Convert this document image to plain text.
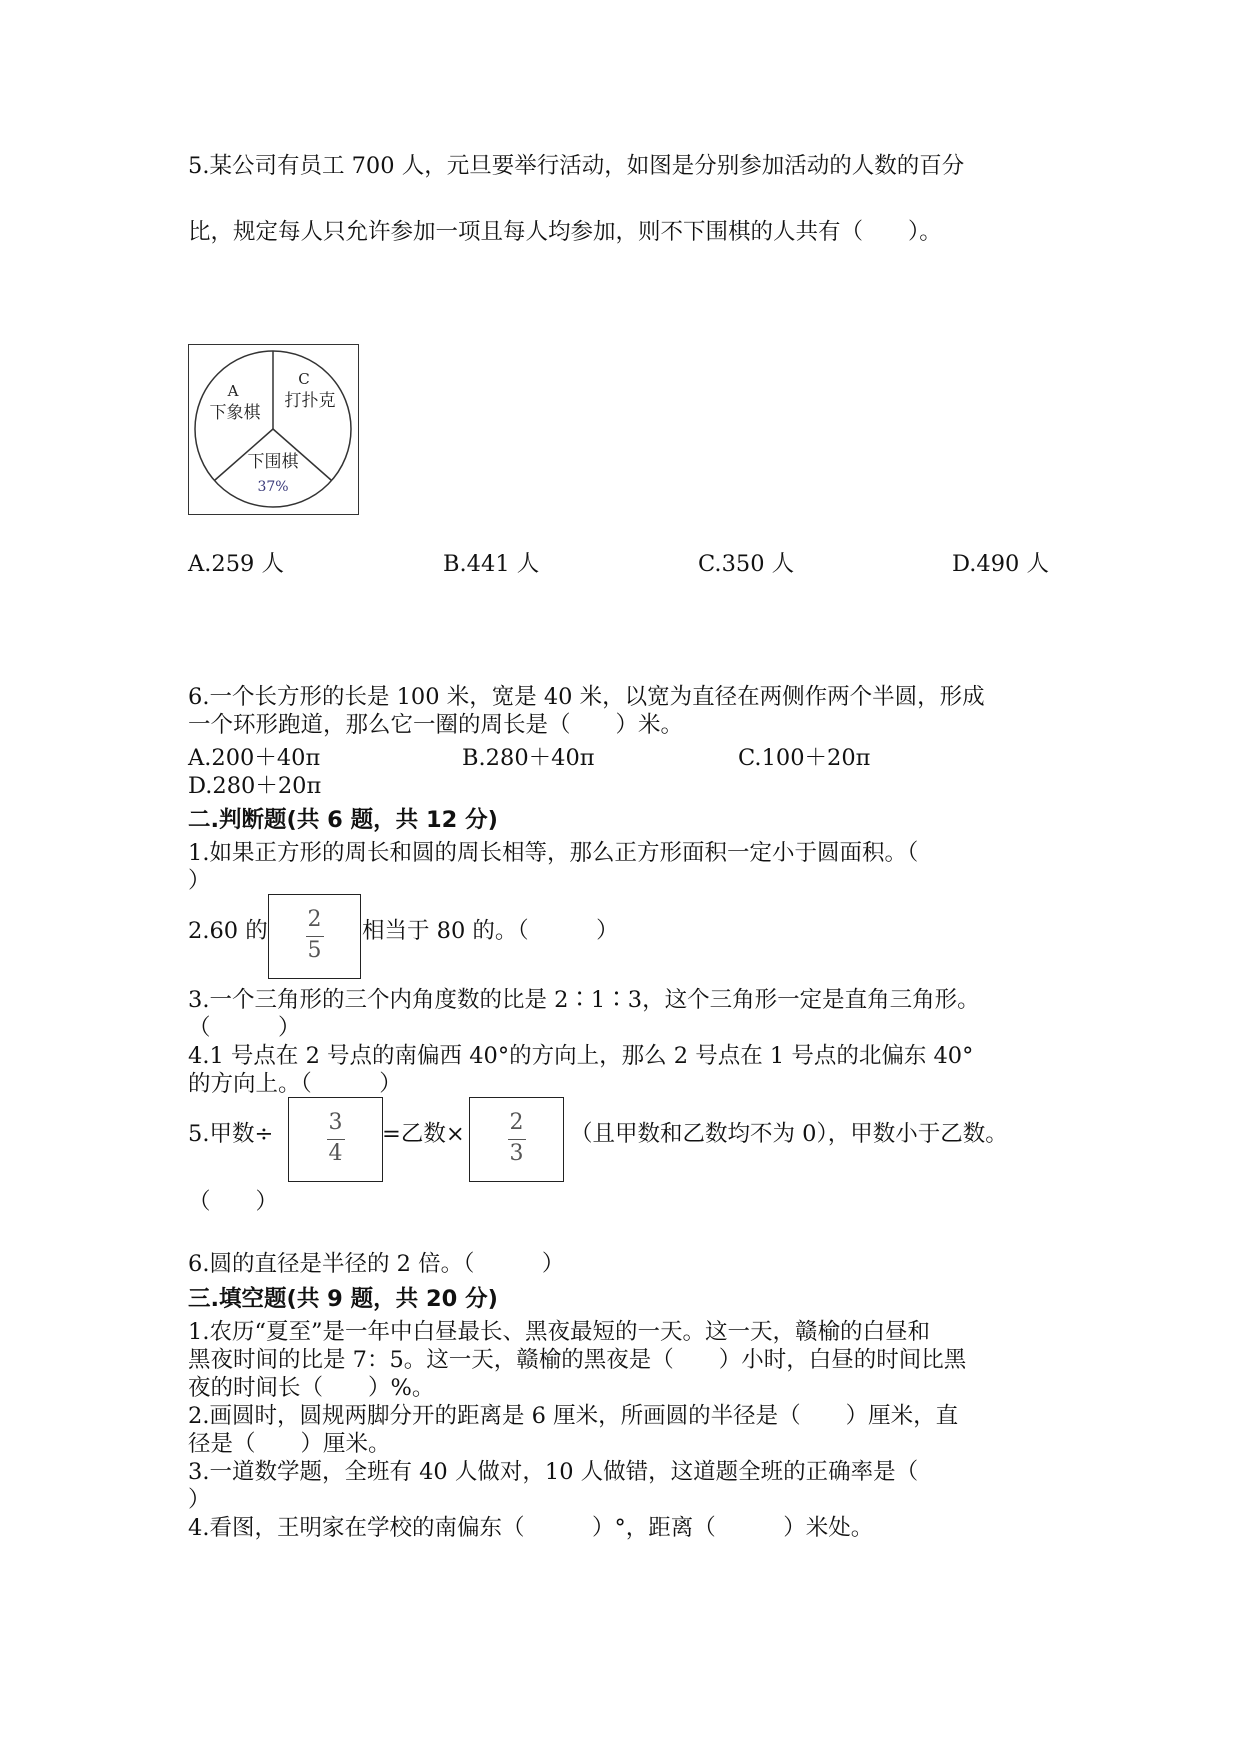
5.某公司有员工 700 人，元旦要举行活动，如图是分别参加活动的人数的百分
比，规定每人只允许参加一项且每人均参加，则不下围棋的人共有（　　）。
A
下象棋
C
打扑克
下围棋
37%
A.259 人	B.441 人	C.350 人	D.490 人
6.一个长方形的长是 100 米，宽是 40 米，以宽为直径在两侧作两个半圆，形成
一个环形跑道，那么它一圈的周长是（　　）米。
A.200＋40π	B.280＋40π	C.100＋20π
D.280＋20π
二.判断题(共 6 题，共 12 分)
1.如果正方形的周长和圆的周长相等，那么正方形面积一定小于圆面积。（
）
2.60 的	2
5
相当于 80 的。（　　　）
3.一个三角形的三个内角度数的比是 2∶1∶3，这个三角形一定是直角三角形。
（　　　）
4.1 号点在 2 号点的南偏西 40°的方向上，那么 2 号点在 1 号点的北偏东 40°
的方向上。（　　　）
5.甲数÷	3
4
=乙数×	2
3
（且甲数和乙数均不为 0），甲数小于乙数。
（　　）
6.圆的直径是半径的 2 倍。（　　　）
三.填空题(共 9 题，共 20 分)
1.农历“夏至”是一年中白昼最长、黑夜最短的一天。这一天，赣榆的白昼和
黑夜时间的比是 7：5。这一天，赣榆的黑夜是（　　）小时，白昼的时间比黑
夜的时间长（　　）%。
2.画圆时，圆规两脚分开的距离是 6 厘米，所画圆的半径是（　　）厘米，直
径是（　　）厘米。
3.一道数学题，全班有 40 人做对，10 人做错，这道题全班的正确率是（
）
4.看图，王明家在学校的南偏东（　　　）°，距离（　　　）米处。
